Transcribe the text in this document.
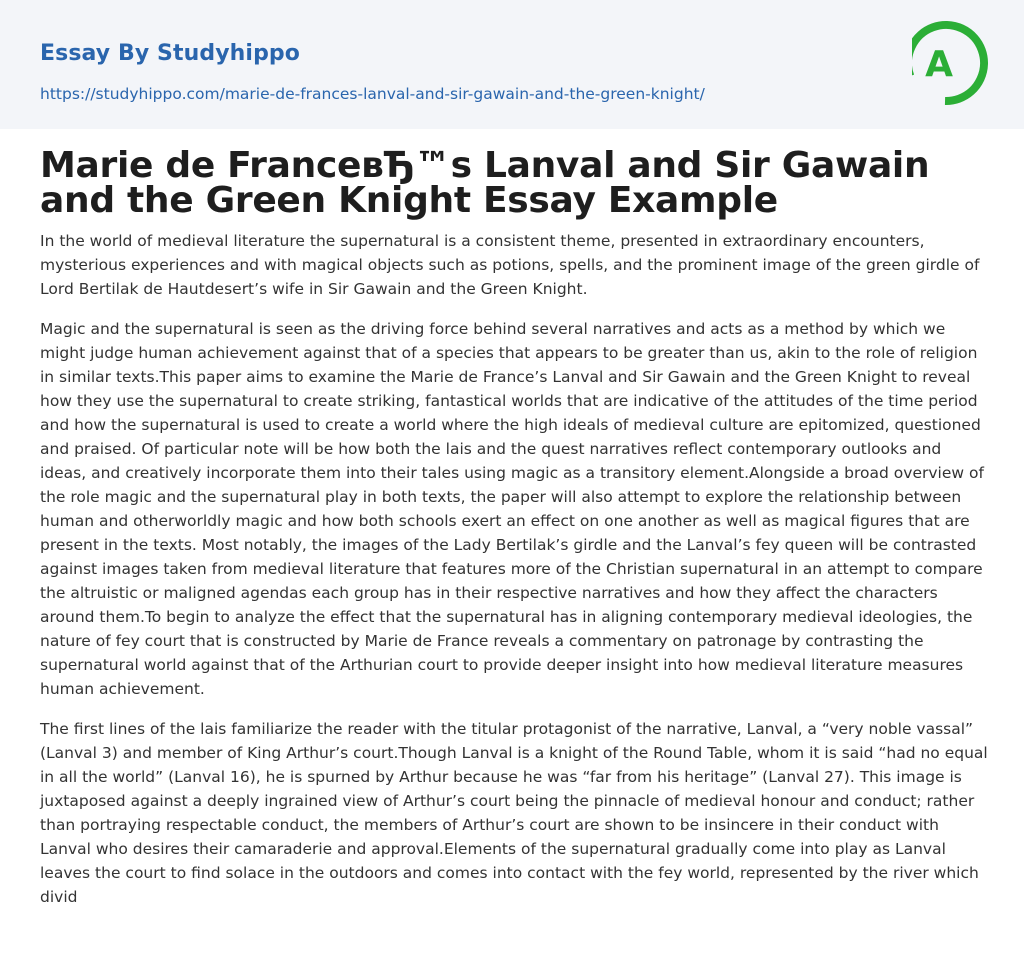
Essay By Studyhippo
https://studyhippo.com/marie-de-frances-lanval-and-sir-gawain-and-the-green-knight/
A
Marie de FranceвЂ™s Lanval and Sir Gawain and the Green Knight Essay Example

In the world of medieval literature the supernatural is a consistent theme, presented in extraordinary encounters, mysterious experiences and with magical objects such as potions, spells, and the prominent image of the green girdle of Lord Bertilak de Hautdesert’s wife in Sir Gawain and the Green Knight.

Magic and the supernatural is seen as the driving force behind several narratives and acts as a method by which we might judge human achievement against that of a species that appears to be greater than us, akin to the role of religion in similar texts.This paper aims to examine the Marie de France’s Lanval and Sir Gawain and the Green Knight to reveal how they use the supernatural to create striking, fantastical worlds that are indicative of the attitudes of the time period and how the supernatural is used to create a world where the high ideals of medieval culture are epitomized, questioned and praised. Of particular note will be how both the lais and the quest narratives reflect contemporary outlooks and ideas, and creatively incorporate them into their tales using magic as a transitory element.Alongside a broad overview of the role magic and the supernatural play in both texts, the paper will also attempt to explore the relationship between human and otherworldly magic and how both schools exert an effect on one another as well as magical figures that are present in the texts. Most notably, the images of the Lady Bertilak’s girdle and the Lanval’s fey queen will be contrasted against images taken from medieval literature that features more of the Christian supernatural in an attempt to compare the altruistic or maligned agendas each group has in their respective narratives and how they affect the characters around them.To begin to analyze the effect that the supernatural has in aligning contemporary medieval ideologies, the nature of fey court that is constructed by Marie de France reveals a commentary on patronage by contrasting the supernatural world against that of the Arthurian court to provide deeper insight into how medieval literature measures human achievement.

The first lines of the lais familiarize the reader with the titular protagonist of the narrative, Lanval, a “very noble vassal” (Lanval 3) and member of King Arthur’s court.Though Lanval is a knight of the Round Table, whom it is said “had no equal in all the world” (Lanval 16), he is spurned by Arthur because he was “far from his heritage” (Lanval 27). This image is juxtaposed against a deeply ingrained view of Arthur’s court being the pinnacle of medieval honour and conduct; rather than portraying respectable conduct, the members of Arthur’s court are shown to be insincere in their conduct with Lanval who desires their camaraderie and approval.Elements of the supernatural gradually come into play as Lanval leaves the court to find solace in the outdoors and comes into contact with the fey world, represented by the river which divid
